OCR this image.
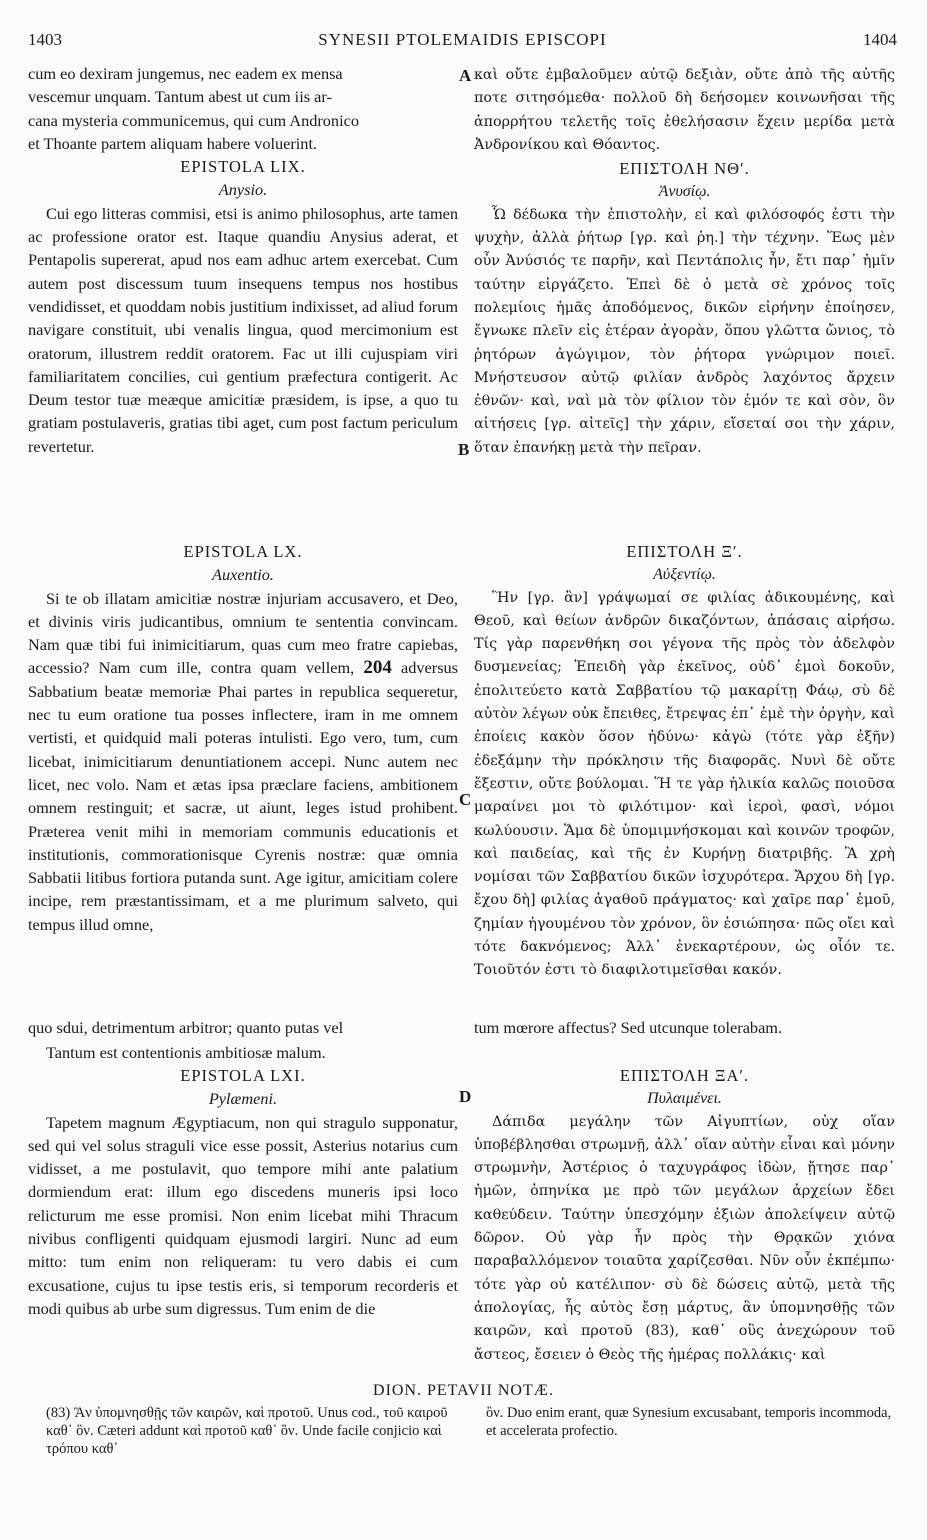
1403	SYNESII PTOLEMAIDIS EPISCOPI	1404
cum eo dexiram jungemus, nec eadem ex mensa
vescemur unquam. Tantum abest ut cum iis ar-
cana mysteria communicemus, qui cum Andronico
et Thoante partem aliquam habere voluerint.
EPISTOLA LIX.
Anysio.

Cui ego litteras commisi, etsi is animo philosophus, arte tamen ac professione orator est. Itaque quandiu Anysius aderat, et Pentapolis supererat, apud nos eam adhuc artem exercebat. Cum autem post discessum tuum insequens tempus nos hostibus vendidisset, et quoddam nobis justitium indixisset, ad aliud forum navigare constituit, ubi venalis lingua, quod mercimonium est oratorum, illustrem reddit oratorem. Fac ut illi cujuspiam viri familiaritatem concilies, cui gentium præfectura contigerit. Ac Deum testor tuæ meæque amicitiæ præsidem, is ipse, a quo tu gratiam postulaveris, gratias tibi aget, cum post factum periculum revertetur.

EPISTOLA LX.
Auxentio.

Si te ob illatam amicitiæ nostræ injuriam accusavero, et Deo, et divinis viris judicantibus, omnium te sententia convincam. Nam quæ tibi fui inimicitiarum, quas cum meo fratre capiebas, accessio? Nam cum ille, contra quam vellem, 204 adversus Sabbatium beatæ memoriæ Phai partes in republica sequeretur, nec tu eum oratione tua posses inflectere, iram in me omnem vertisti, et quidquid mali poteras intulisti. Ego vero, tum, cum licebat, inimicitiarum denuntiationem accepi. Nunc autem nec licet, nec volo. Nam et ætas ipsa præclare faciens, ambitionem omnem restinguit; et sacræ, ut aiunt, leges istud prohibent. Præterea venit mihi in memoriam communis educationis et institutionis, commorationisque Cyrenis nostræ: quæ omnia Sabbatii litibus fortiora putanda sunt. Age igitur, amicitiam colere incipe, rem præstantissimam, et a me plurimum salveto, qui tempus illud omne,

quo sdui, detrimentum arbitror; quanto putas vel	tum mœrore affectus? Sed utcunque tolerabam.
Tantum est contentionis ambitiosæ malum.
EPISTOLA LXI.
Pylæmeni.

Tapetem magnum Ægyptiacum, non qui stragulo supponatur, sed qui vel solus straguli vice esse possit, Asterius notarius cum vidisset, a me postulavit, quo tempore mihi ante palatium dormiendum erat: illum ego discedens muneris ipsi loco relicturum me esse promisi. Non enim licebat mihi Thracum nivibus confligenti quidquam ejusmodi largiri. Nunc ad eum mitto: tum enim non reliqueram: tu vero dabis ei cum excusatione, cujus tu ipse testis eris, si temporum recorderis et modi quibus ab urbe sum digressus. Tum enim de die

καὶ οὔτε ἐμβαλοῦμεν αὐτῷ δεξιὰν, οὔτε ἀπὸ τῆς αὐτῆς ποτε σιτησόμεθα· πολλοῦ δὴ δεήσομεν κοινωνῆσαι τῆς ἀπορρήτου τελετῆς τοῖς ἐθελήσασιν ἔχειν μερίδα μετὰ Ἀνδρονίκου καὶ Θόαντος.

ΕΠΙΣΤΟΛΗ ΝΘʹ.
Ἀνυσίῳ.

Ὧ δέδωκα τὴν ἐπιστολὴν, εἰ καὶ φιλόσοφός ἐστι τὴν ψυχὴν, ἀλλὰ ῥήτωρ [γρ. καὶ ῥη.] τὴν τέχνην. Ἕως μὲν οὖν Ἀνύσιός τε παρῆν, καὶ Πεντάπολις ἦν, ἔτι παρ᾽ ἡμῖν ταύτην εἰργάζετο. Ἐπεὶ δὲ ὁ μετὰ σὲ χρόνος τοῖς πολεμίοις ἡμᾶς ἀποδόμενος, δικῶν εἰρήνην ἐποίησεν, ἔγνωκε πλεῖν εἰς ἑτέραν ἀγορὰν, ὅπου γλῶττα ὤνιος, τὸ ῥητόρων ἀγώγιμον, τὸν ῥήτορα γνώριμον ποιεῖ. Μνήστευσον αὐτῷ φιλίαν ἀνδρὸς λαχόντος ἄρχειν ἐθνῶν· καὶ, ναὶ μὰ τὸν φίλιον τὸν ἐμόν τε καὶ σὸν, ὃν αἰτήσεις [γρ. αἰτεῖς] τὴν χάριν, εἴσεταί σοι τὴν χάριν, ὅταν ἐπανήκῃ μετὰ τὴν πεῖραν.

ΕΠΙΣΤΟΛΗ Ξʹ.
Αὐξεντίῳ.

Ἣν [γρ. ἂν] γράψωμαί σε φιλίας ἀδικουμένης, καὶ Θεοῦ, καὶ θείων ἀνδρῶν δικαζόντων, ἁπάσαις αἱρήσω. Τίς γὰρ παρενθήκη σοι γέγονα τῆς πρὸς τὸν ἀδελφὸν δυσμενείας; Ἐπειδὴ γὰρ ἐκεῖνος, οὐδ᾽ ἐμοὶ δοκοῦν, ἐπολιτεύετο κατὰ Σαββατίου τῷ μακαρίτῃ Φάῳ, σὺ δὲ αὐτὸν λέγων οὐκ ἔπειθες, ἔτρεψας ἐπ᾽ ἐμὲ τὴν ὀργὴν, καὶ ἐποίεις κακὸν ὅσον ἠδύνω· κἀγὼ (τότε γὰρ ἐξῆν) ἐδεξάμην τὴν πρόκλησιν τῆς διαφορᾶς. Νυνὶ δὲ οὔτε ἔξεστιν, οὔτε βούλομαι. Ἥ τε γὰρ ἡλικία καλῶς ποιοῦσα μαραίνει μοι τὸ φιλότιμον· καὶ ἱεροὶ, φασὶ, νόμοι κωλύουσιν. Ἅμα δὲ ὑπομιμνήσκομαι καὶ κοινῶν τροφῶν, καὶ παιδείας, καὶ τῆς ἐν Κυρήνῃ διατριβῆς. Ἃ χρὴ νομίσαι τῶν Σαββατίου δικῶν ἰσχυρότερα. Ἄρχου δὴ [γρ. ἔχου δὴ] φιλίας ἀγαθοῦ πράγματος· καὶ χαῖρε παρ᾽ ἐμοῦ, ζημίαν ἡγουμένου τὸν χρόνον, ὃν ἐσιώπησα· πῶς οἴει καὶ τότε δακνόμενος; Ἀλλ᾽ ἐνεκαρτέρουν, ὡς οἷόν τε. Τοιοῦτόν ἐστι τὸ διαφιλοτιμεῖσθαι κακόν.

ΕΠΙΣΤΟΛΗ ΞΑʹ.
Πυλαιμένει.

Δάπιδα μεγάλην τῶν Αἰγυπτίων, οὐχ οἵαν ὑποβέβλησθαι στρωμνῇ, ἀλλ᾽ οἵαν αὐτὴν εἶναι καὶ μόνην στρωμνὴν, Ἀστέριος ὁ ταχυγράφος ἰδὼν, ᾔτησε παρ᾽ ἡμῶν, ὁπηνίκα με πρὸ τῶν μεγάλων ἀρχείων ἔδει καθεύδειν. Ταύτην ὑπεσχόμην ἐξιὼν ἀπολείψειν αὐτῷ δῶρον. Οὐ γὰρ ἦν πρὸς τὴν Θρᾳκῶν χιόνα παραβαλλόμενον τοιαῦτα χαρίζεσθαι. Νῦν οὖν ἐκπέμπω· τότε γὰρ οὐ κατέλιπον· σὺ δὲ δώσεις αὐτῷ, μετὰ τῆς ἀπολογίας, ἧς αὐτὸς ἔσῃ μάρτυς, ἂν ὑπομνησθῇς τῶν καιρῶν, καὶ προτοῦ (83), καθ᾽ οὓς ἀνεχώρουν τοῦ ἄστεος, ἔσειεν ὁ Θεὸς τῆς ἡμέρας πολλάκις· καὶ

A
B
C
D
DION. PETAVII NOTÆ.
(83) Ἂν ὑπομνησθῇς τῶν καιρῶν, καὶ προτοῦ. Unus cod., τοῦ καιροῦ καθ᾽ ὃν. Cæteri addunt καὶ προτοῦ καθ᾽ ὃν. Unde facile conjicio καὶ τρόπου καθ᾽
ὃν. Duo enim erant, quæ Synesium excusabant, temporis incommoda, et accelerata profectio.
